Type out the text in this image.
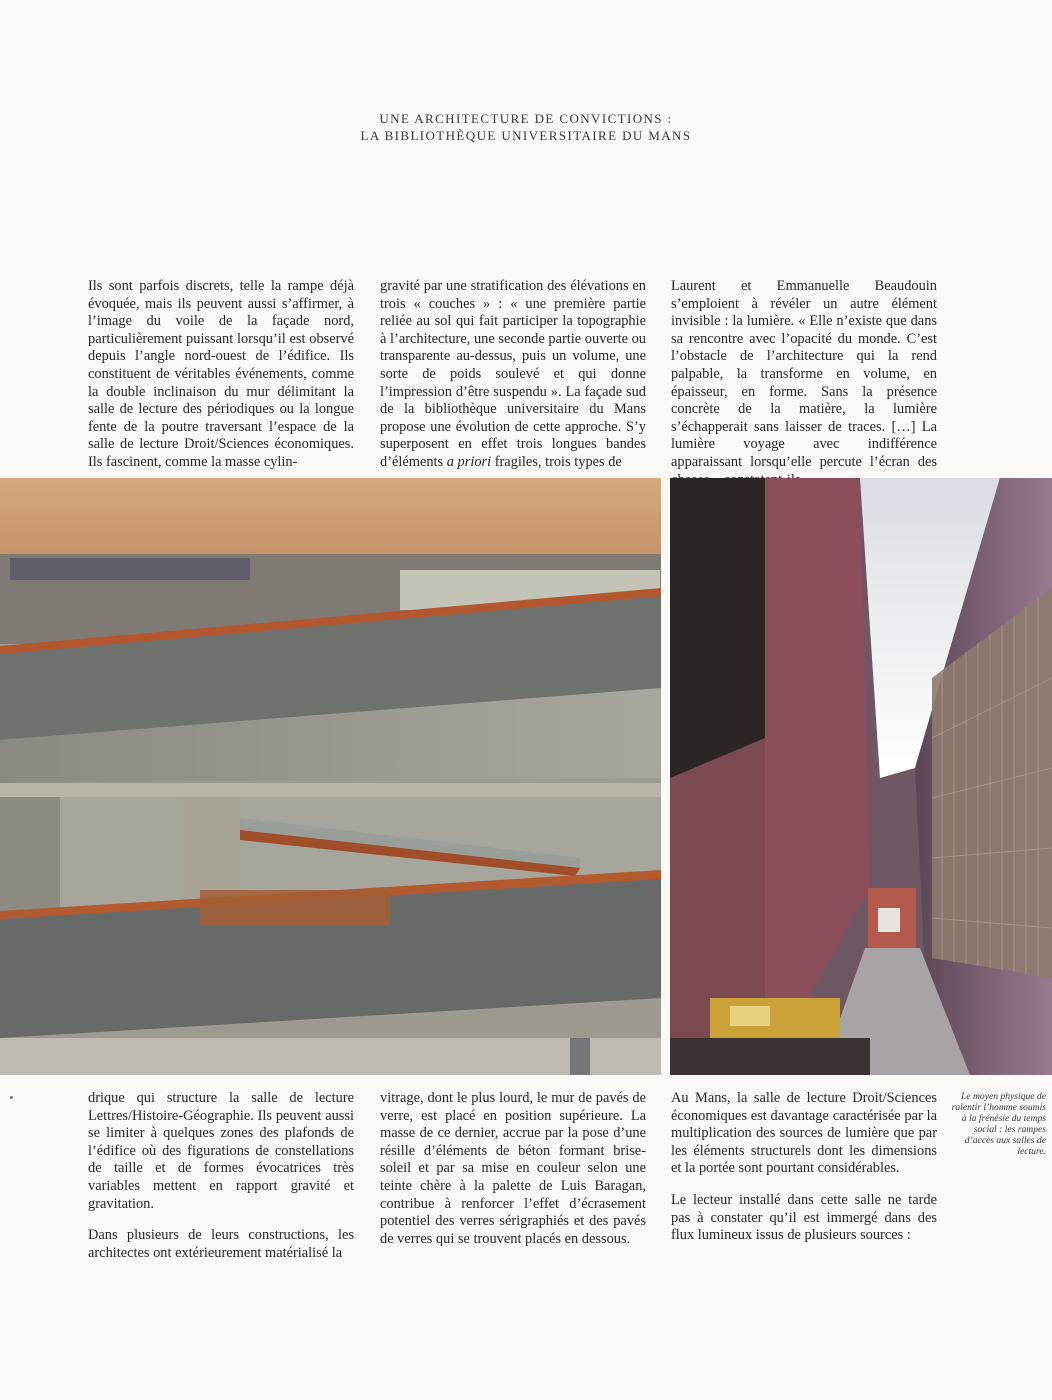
UNE ARCHITECTURE DE CONVICTIONS :
LA BIBLIOTHÈQUE UNIVERSITAIRE DU MANS

Ils sont parfois discrets, telle la rampe déjà évoquée, mais ils peuvent aussi s’affirmer, à l’image du voile de la façade nord, particulièrement puissant lorsqu’il est observé depuis l’angle nord-ouest de l’édifice. Ils constituent de véritables événements, comme la double inclinaison du mur délimitant la salle de lecture des périodiques ou la longue fente de la poutre traversant l’espace de la salle de lecture Droit/Sciences économiques. Ils fascinent, comme la masse cylin-

gravité par une stratification des élévations en trois « couches » : « une première partie reliée au sol qui fait participer la topographie à l’architecture, une seconde partie ouverte ou transparente au-dessus, puis un volume, une sorte de poids soulevé et qui donne l’impression d’être suspendu ». La façade sud de la bibliothèque universitaire du Mans propose une évolution de cette approche. S’y superposent en effet trois longues bandes d’éléments a priori fragiles, trois types de

Laurent et Emmanuelle Beaudouin s’emploient à révéler un autre élément invisible : la lumière. « Elle n’existe que dans sa rencontre avec l’opacité du monde. C’est l’obstacle de l’architecture qui la rend palpable, la transforme en volume, en épaisseur, en forme. Sans la présence concrète de la matière, la lumière s’échapperait sans laisser de traces. […] La lumière voyage avec indifférence apparaissant lorsqu’elle percute l’écran des

drique qui structure la salle de lecture Lettres/Histoire-Géographie. Ils peuvent aussi se limiter à quelques zones des plafonds de l’édifice où des figurations de constellations de taille et de formes évocatrices très variables mettent en rapport gravité et gravitation.

Dans plusieurs de leurs constructions, les architectes ont extérieurement matérialisé la

vitrage, dont le plus lourd, le mur de pavés de verre, est placé en position supérieure. La masse de ce dernier, accrue par la pose d’une résille d’éléments de béton formant brise-soleil et par sa mise en couleur selon une teinte chère à la palette de Luis Baragan, contribue à renforcer l’effet d’écrasement potentiel des verres sérigraphiés et des pavés de verres qui se trouvent placés en dessous.

Au Mans, la salle de lecture Droit/Sciences économiques est davantage caractérisée par la multiplication des sources de lumière que par les éléments structurels dont les dimensions et la portée sont pourtant considérables.

Le lecteur installé dans cette salle ne tarde pas à constater qu’il est immergé dans des flux lumineux issus de plusieurs sources :

Le moyen physique de ralentir l’homme soumis à la frénésie du temps social : les rampes d’accès aux salles de lecture.
